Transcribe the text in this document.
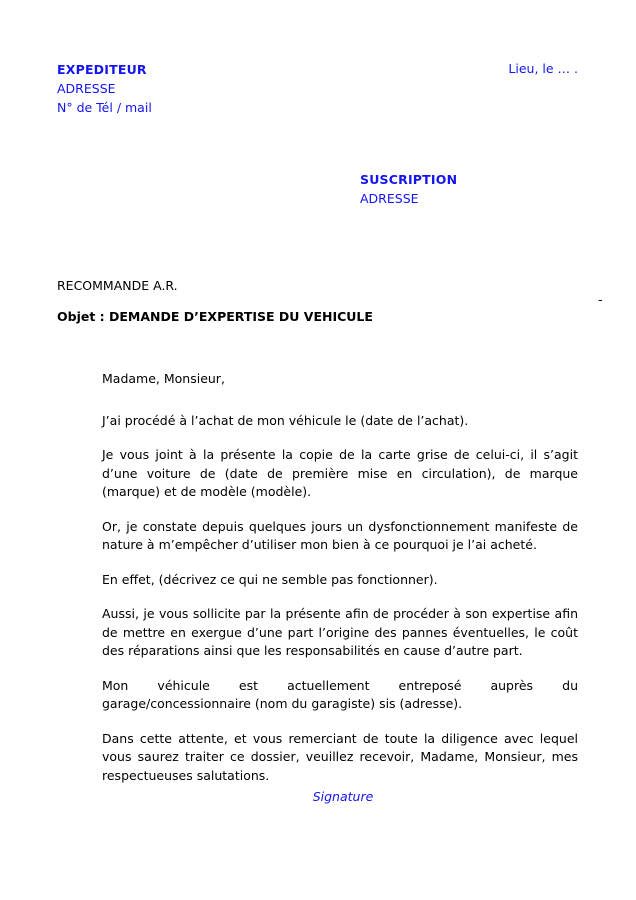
EXPEDITEUR
ADRESSE
N° de Tél / mail
Lieu, le … .
SUSCRIPTION
ADRESSE
RECOMMANDE A.R.
-
Objet : DEMANDE D’EXPERTISE DU VEHICULE

Madame, Monsieur,

J’ai procédé à l’achat de mon véhicule le (date de l’achat).

Je vous joint à la présente la copie de la carte grise de celui-ci, il s’agit d’une voiture de (date de première mise en circulation), de marque (marque) et de modèle (modèle).

Or, je constate depuis quelques jours un dysfonctionnement manifeste de nature à m’empêcher d’utiliser mon bien à ce pourquoi je l’ai acheté.

En effet, (décrivez ce qui ne semble pas fonctionner).

Aussi, je vous sollicite par la présente afin de procéder à son expertise afin de mettre en exergue d’une part l’origine des pannes éventuelles, le coût des réparations ainsi que les responsabilités en cause d’autre part.

Mon véhicule est actuellement entreposé auprès du garage/concessionnaire (nom du garagiste) sis (adresse).

Dans cette attente, et vous remerciant de toute la diligence avec lequel vous saurez traiter ce dossier, veuillez recevoir, Madame, Monsieur, mes respectueuses salutations.

Signature
